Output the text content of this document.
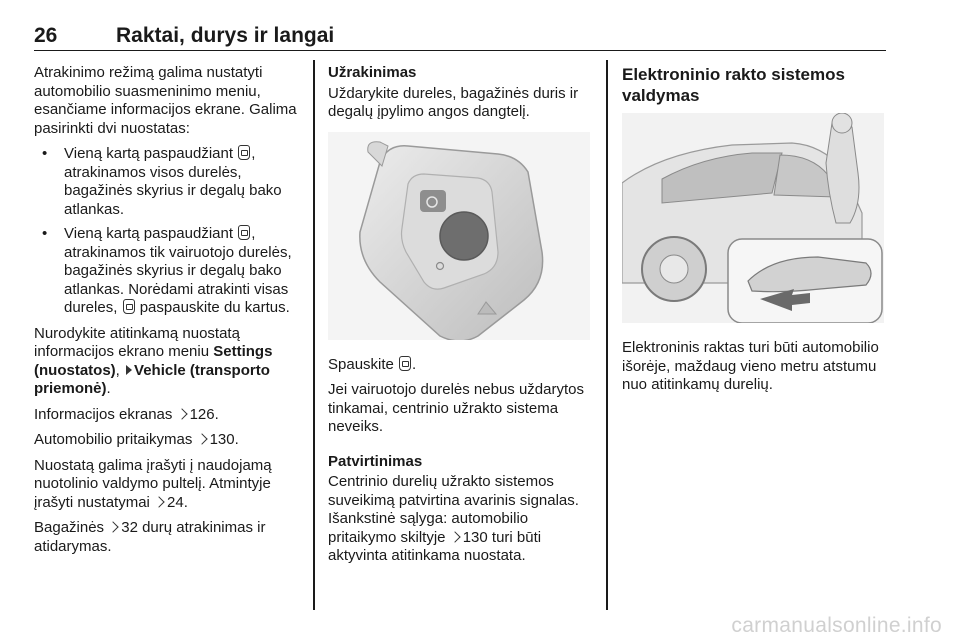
26	Raktai, durys ir langai

Atrakinimo režimą galima nustatyti automobilio suasmeninimo meniu, esančiame informacijos ekrane. Galima pasirinkti dvi nuostatas:

• Vieną kartą paspaudžiant , atrakinamos visos durelės, bagažinės skyrius ir degalų bako atlankas.
• Vieną kartą paspaudžiant , atrakinamos tik vairuotojo durelės, bagažinės skyrius ir degalų bako atlankas. Norėdami atrakinti visas dureles, paspauskite du kartus.

Nurodykite atitinkamą nuostatą informacijos ekrano meniu Settings (nuostatos), Vehicle (transporto priemonė).

Informacijos ekranas 126.

Automobilio pritaikymas 130.

Nuostatą galima įrašyti į naudojamą nuotolinio valdymo pultelį. Atmintyje įrašyti nustatymai 24.

Bagažinės 32 durų atrakinimas ir atidarymas.

Užrakinimas

Uždarykite dureles, bagažinės duris ir degalų įpylimo angos dangtelį.

Spauskite .

Jei vairuotojo durelės nebus uždarytos tinkamai, centrinio užrakto sistema neveiks.

Patvirtinimas

Centrinio durelių užrakto sistemos suveikimą patvirtina avarinis signalas. Išankstinė sąlyga: automobilio pritaikymo skiltyje 130 turi būti aktyvinta atitinkama nuostata.

Elektroninio rakto sistemos valdymas

Elektroninis raktas turi būti automobilio išorėje, maždaug vieno metru atstumu nuo atitinkamų durelių.

carmanualsonline.info
